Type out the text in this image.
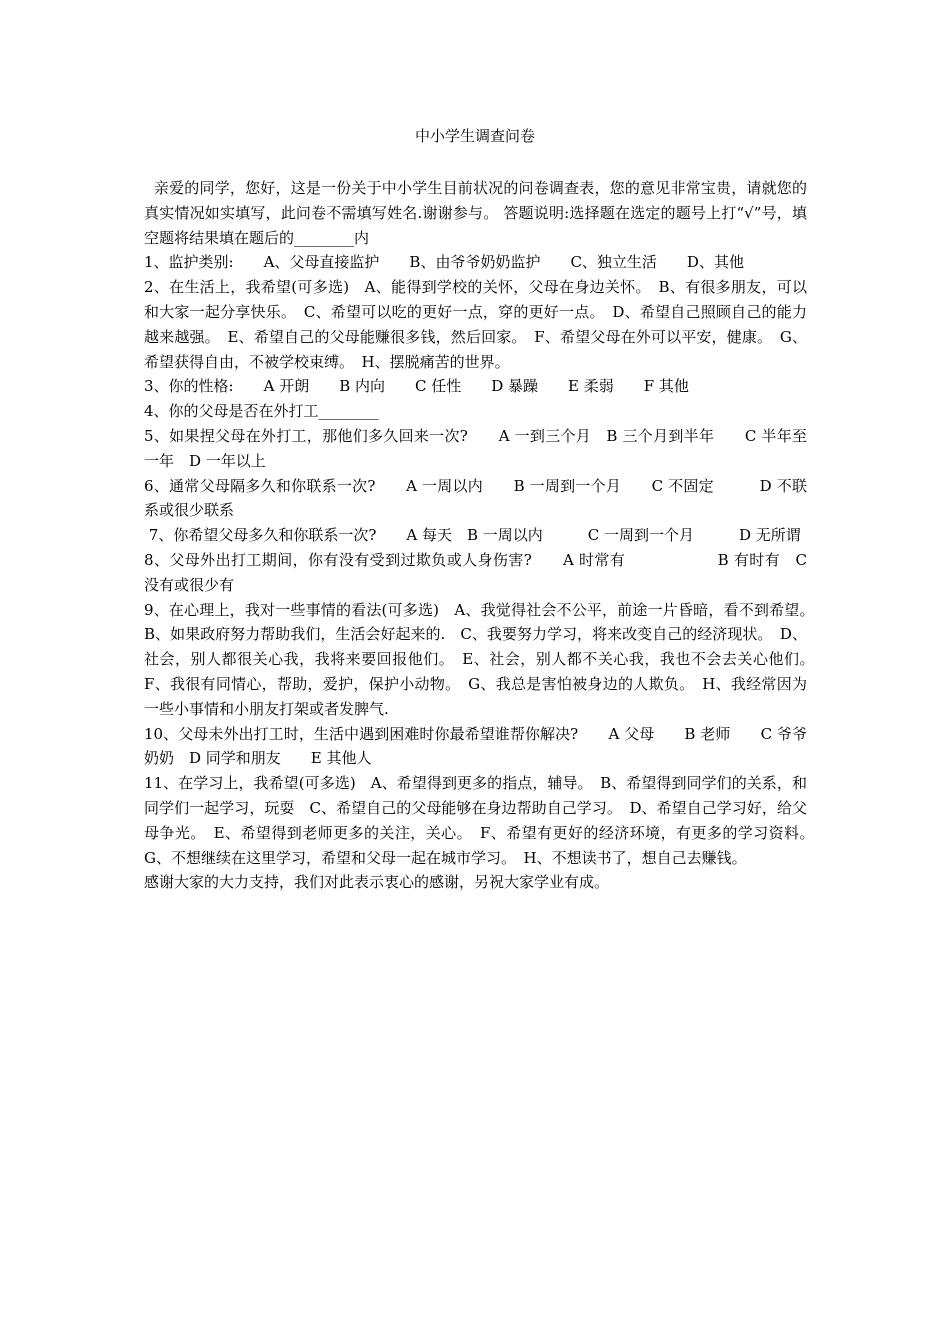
中小学生调查问卷

亲爱的同学，您好，这是一份关于中小学生目前状况的问卷调查表，您的意见非常宝贵，请就您的真实情况如实填写，此问卷不需填写姓名.谢谢参与。 答题说明:选择题在选定的题号上打“√”号，填空题将结果填在题后的________内

1、监护类别:　　A、父母直接监护　　B、由爷爷奶奶监护　　C、独立生活　　D、其他

2、在生活上，我希望(可多选)　A、能得到学校的关怀，父母在身边关怀。　B、有很多朋友，可以和大家一起分享快乐。　C、希望可以吃的更好一点，穿的更好一点。　D、希望自己照顾自己的能力越来越强。　E、希望自己的父母能赚很多钱，然后回家。　F、希望父母在外可以平安，健康。　G、希望获得自由，不被学校束缚。　H、摆脱痛苦的世界。

3、你的性格:　　A 开朗　　B 内向　　C 任性　　D 暴躁　　E 柔弱　　F 其他

4、你的父母是否在外打工________

5、如果捏父母在外打工，那他们多久回来一次?　　A 一到三个月　B 三个月到半年　　C 半年至一年　D 一年以上

6、通常父母隔多久和你联系一次?　　A 一周以内　　B 一周到一个月　　C 不固定　　　D 不联系或很少联系

7、你希望父母多久和你联系一次?　　A 每天　B 一周以内　　　C 一周到一个月　　　D 无所谓

8、父母外出打工期间，你有没有受到过欺负或人身伤害?　　A 时常有　　　　　　B 有时有　C 没有或很少有

9、在心理上，我对一些事情的看法(可多选)　A、我觉得社会不公平，前途一片昏暗，看不到希望。　B、如果政府努力帮助我们，生活会好起来的.　C、我要努力学习，将来改变自己的经济现状。　D、社会，别人都很关心我，我将来要回报他们。　E、社会，别人都不关心我，我也不会去关心他们。　F、我很有同情心，帮助，爱护，保护小动物。　G、我总是害怕被身边的人欺负。　H、我经常因为一些小事情和小朋友打架或者发脾气.

10、父母未外出打工时，生活中遇到困难时你最希望谁帮你解决?　　A 父母　　B 老师　　C 爷爷奶奶　D 同学和朋友　　E 其他人

11、在学习上，我希望(可多选)　A、希望得到更多的指点，辅导。　B、希望得到同学们的关系，和同学们一起学习，玩耍　C、希望自己的父母能够在身边帮助自己学习。　D、希望自己学习好，给父母争光。　E、希望得到老师更多的关注，关心。　F、希望有更好的经济环境，有更多的学习资料。　G、不想继续在这里学习，希望和父母一起在城市学习。　H、不想读书了，想自己去赚钱。

感谢大家的大力支持，我们对此表示衷心的感谢，另祝大家学业有成。
